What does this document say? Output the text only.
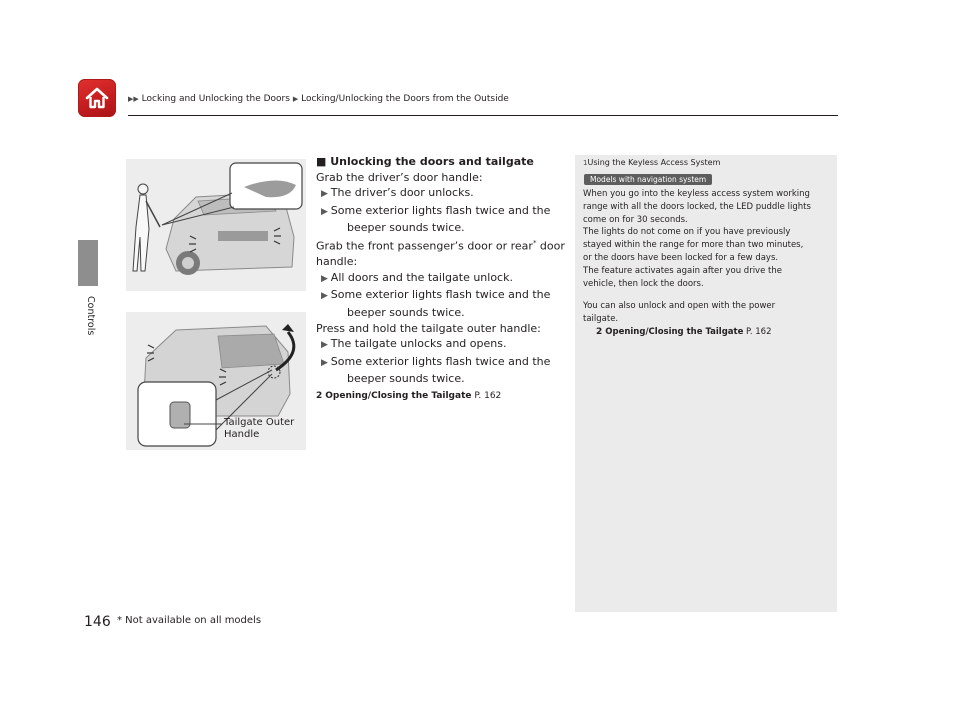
▶▶ Locking and Unlocking the Doors ▶ Locking/Unlocking the Doors from the Outside
Controls
Tailgate Outer
Handle
■ Unlocking the doors and tailgate
Grab the driver’s door handle:
▶ The driver’s door unlocks.
▶ Some exterior lights flash twice and the
beeper sounds twice.
Grab the front passenger’s door or rear* door
handle:
▶ All doors and the tailgate unlock.
▶ Some exterior lights flash twice and the
beeper sounds twice.
Press and hold the tailgate outer handle:
▶ The tailgate unlocks and opens.
▶ Some exterior lights flash twice and the
beeper sounds twice.
2 Opening/Closing the Tailgate P. 162
1Using the Keyless Access System
Models with navigation system

When you go into the keyless access system working

range with all the doors locked, the LED puddle lights

come on for 30 seconds.

The lights do not come on if you have previously

stayed within the range for more than two minutes,

or the doors have been locked for a few days.

The feature activates again after you drive the

vehicle, then lock the doors.

You can also unlock and open with the power

tailgate.

2 Opening/Closing the Tailgate P. 162

146 * Not available on all models
